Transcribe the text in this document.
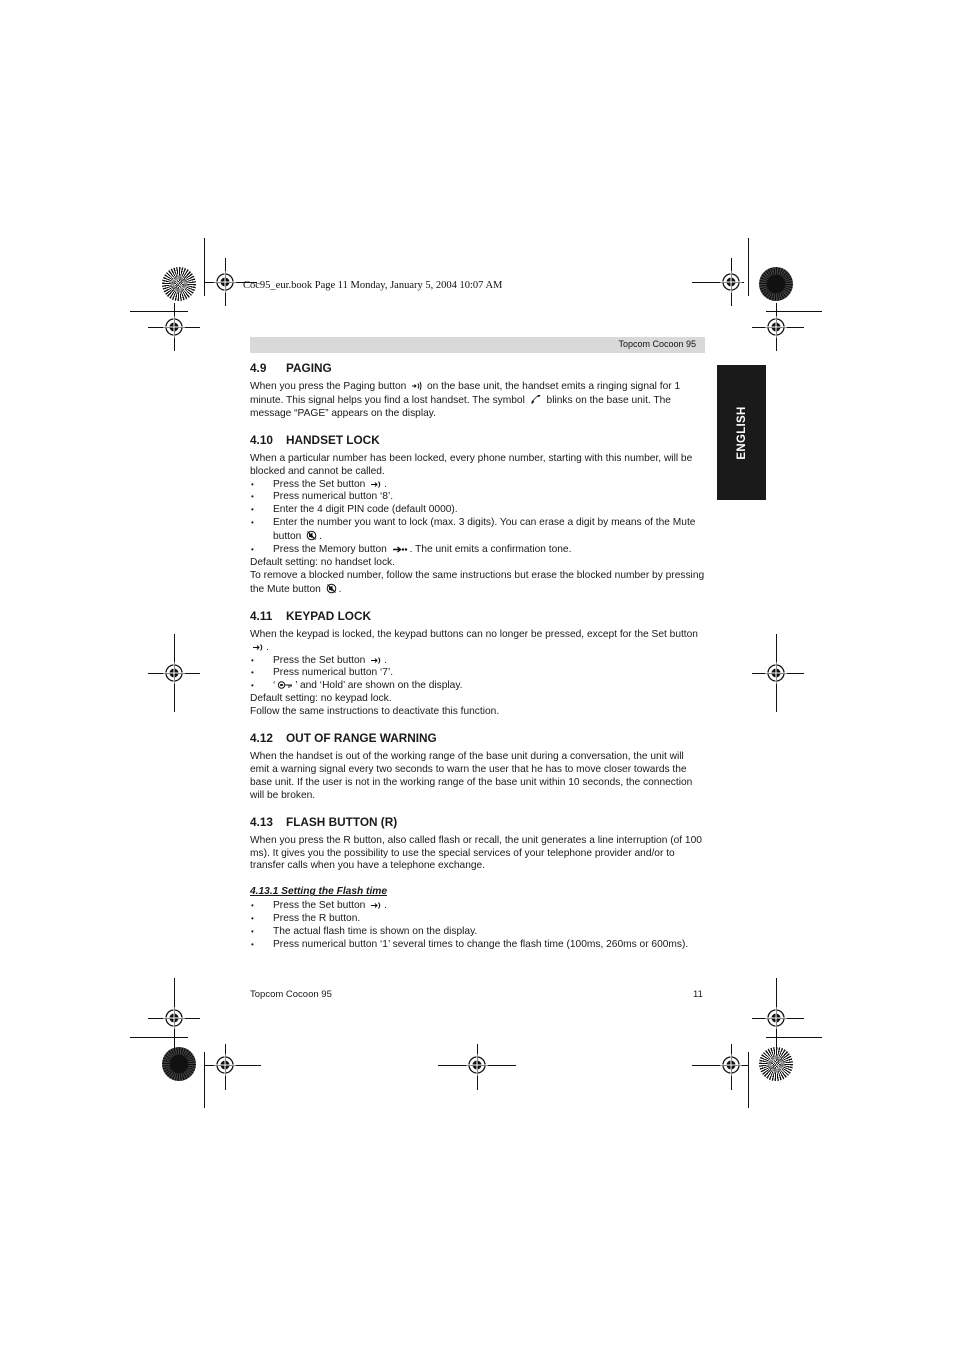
Coc95_eur.book Page 11 Monday, January 5, 2004 10:07 AM
Topcom Cocoon 95
ENGLISH
4.9 PAGING

When you press the Paging button on the base unit, the handset emits a ringing signal for 1 minute. This signal helps you find a lost handset. The symbol blinks on the base unit. The message “PAGE” appears on the display.

4.10 HANDSET LOCK

When a particular number has been locked, every phone number, starting with this number, will be blocked and cannot be called.

• Press the Set button .
• Press numerical button ‘8’.
• Enter the 4 digit PIN code (default 0000).
• Enter the number you want to lock (max. 3 digits). You can erase a digit by means of the Mute button .
• Press the Memory button . The unit emits a confirmation tone.

Default setting: no handset lock.

To remove a blocked number, follow the same instructions but erase the blocked number by pressing the Mute button .

4.11 KEYPAD LOCK

When the keypad is locked, the keypad buttons can no longer be pressed, except for the Set button .

• Press the Set button .
• Press numerical button ‘7’.
• ‘ ’ and ‘Hold’ are shown on the display.

Default setting: no keypad lock.

Follow the same instructions to deactivate this function.

4.12 OUT OF RANGE WARNING

When the handset is out of the working range of the base unit during a conversation, the unit will emit a warning signal every two seconds to warn the user that he has to move closer towards the base unit. If the user is not in the working range of the base unit within 10 seconds, the connection will be broken.

4.13 FLASH BUTTON (R)

When you press the R button, also called flash or recall, the unit generates a line interruption (of 100 ms). It gives you the possibility to use the special services of your telephone provider and/or to transfer calls when you have a telephone exchange.

4.13.1 Setting the Flash time
• Press the Set button .
• Press the R button.
• The actual flash time is shown on the display.
• Press numerical button ‘1’ several times to change the flash time (100ms, 260ms or 600ms).
Topcom Cocoon 95	11
